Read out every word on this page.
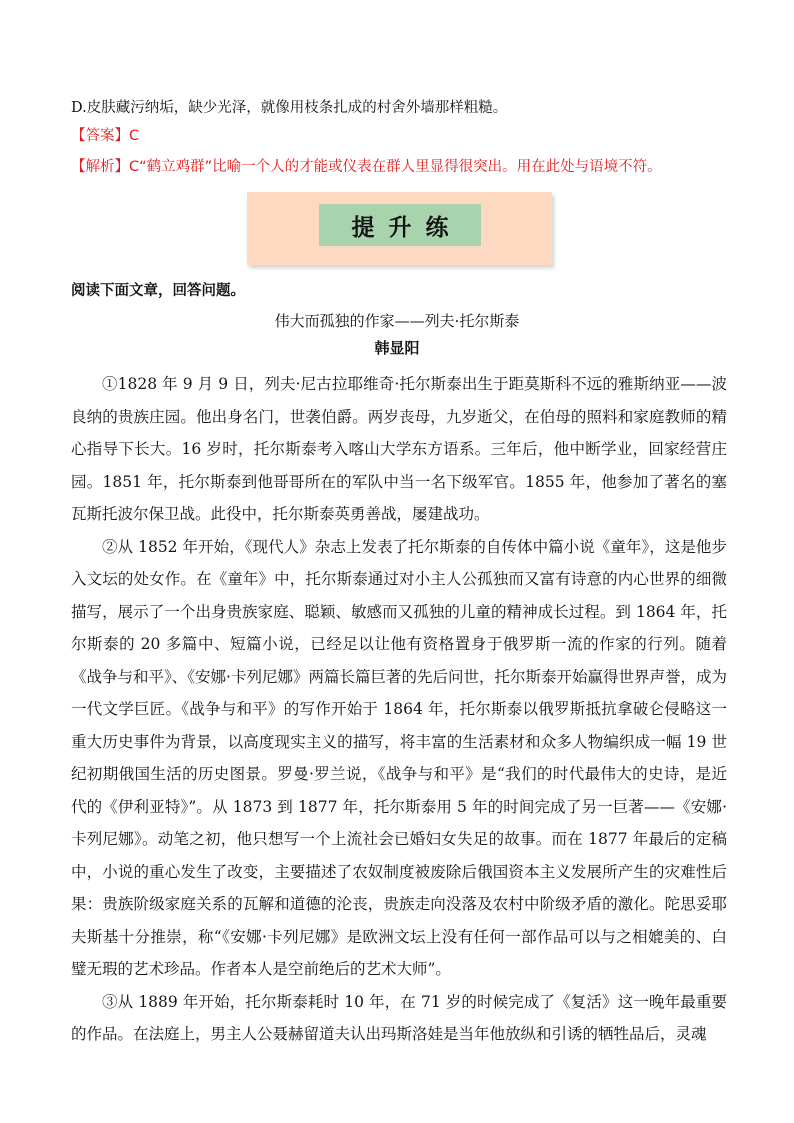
D.皮肤藏污纳垢，缺少光泽，就像用枝条扎成的村舍外墙那样粗糙。
【答案】C
【解析】C“鹤立鸡群”比喻一个人的才能或仪表在群人里显得很突出。用在此处与语境不符。
提 升 练
阅读下面文章，回答问题。
伟大而孤独的作家——列夫·托尔斯泰
韩显阳

①1828 年 9 月 9 日，列夫·尼古拉耶维奇·托尔斯泰出生于距莫斯科不远的雅斯纳亚——波良纳的贵族庄园。他出身名门，世袭伯爵。两岁丧母，九岁逝父，在伯母的照料和家庭教师的精心指导下长大。16 岁时，托尔斯泰考入喀山大学东方语系。三年后，他中断学业，回家经营庄园。1851 年，托尔斯泰到他哥哥所在的军队中当一名下级军官。1855 年，他参加了著名的塞瓦斯托波尔保卫战。此役中，托尔斯泰英勇善战，屡建战功。

②从 1852 年开始，《现代人》杂志上发表了托尔斯泰的自传体中篇小说《童年》，这是他步入文坛的处女作。在《童年》中，托尔斯泰通过对小主人公孤独而又富有诗意的内心世界的细微描写，展示了一个出身贵族家庭、聪颖、敏感而又孤独的儿童的精神成长过程。到 1864 年，托尔斯泰的 20 多篇中、短篇小说，已经足以让他有资格置身于俄罗斯一流的作家的行列。随着《战争与和平》、《安娜·卡列尼娜》两篇长篇巨著的先后问世，托尔斯泰开始赢得世界声誉，成为一代文学巨匠。《战争与和平》的写作开始于 1864 年，托尔斯泰以俄罗斯抵抗拿破仑侵略这一重大历史事件为背景，以高度现实主义的描写，将丰富的生活素材和众多人物编织成一幅 19 世纪初期俄国生活的历史图景。罗曼·罗兰说，《战争与和平》是“我们的时代最伟大的史诗，是近代的《伊利亚特》”。从 1873 到 1877 年，托尔斯泰用 5 年的时间完成了另一巨著——《安娜·卡列尼娜》。动笔之初，他只想写一个上流社会已婚妇女失足的故事。而在 1877 年最后的定稿中，小说的重心发生了改变，主要描述了农奴制度被废除后俄国资本主义发展所产生的灾难性后果：贵族阶级家庭关系的瓦解和道德的沦丧，贵族走向没落及农村中阶级矛盾的激化。陀思妥耶夫斯基十分推崇，称“《安娜·卡列尼娜》是欧洲文坛上没有任何一部作品可以与之相媲美的、白璧无瑕的艺术珍品。作者本人是空前绝后的艺术大师”。

③从 1889 年开始，托尔斯泰耗时 10 年，在 71 岁的时候完成了《复活》这一晚年最重要的作品。在法庭上，男主人公聂赫留道夫认出玛斯洛娃是当年他放纵和引诱的牺牲品后，灵魂
